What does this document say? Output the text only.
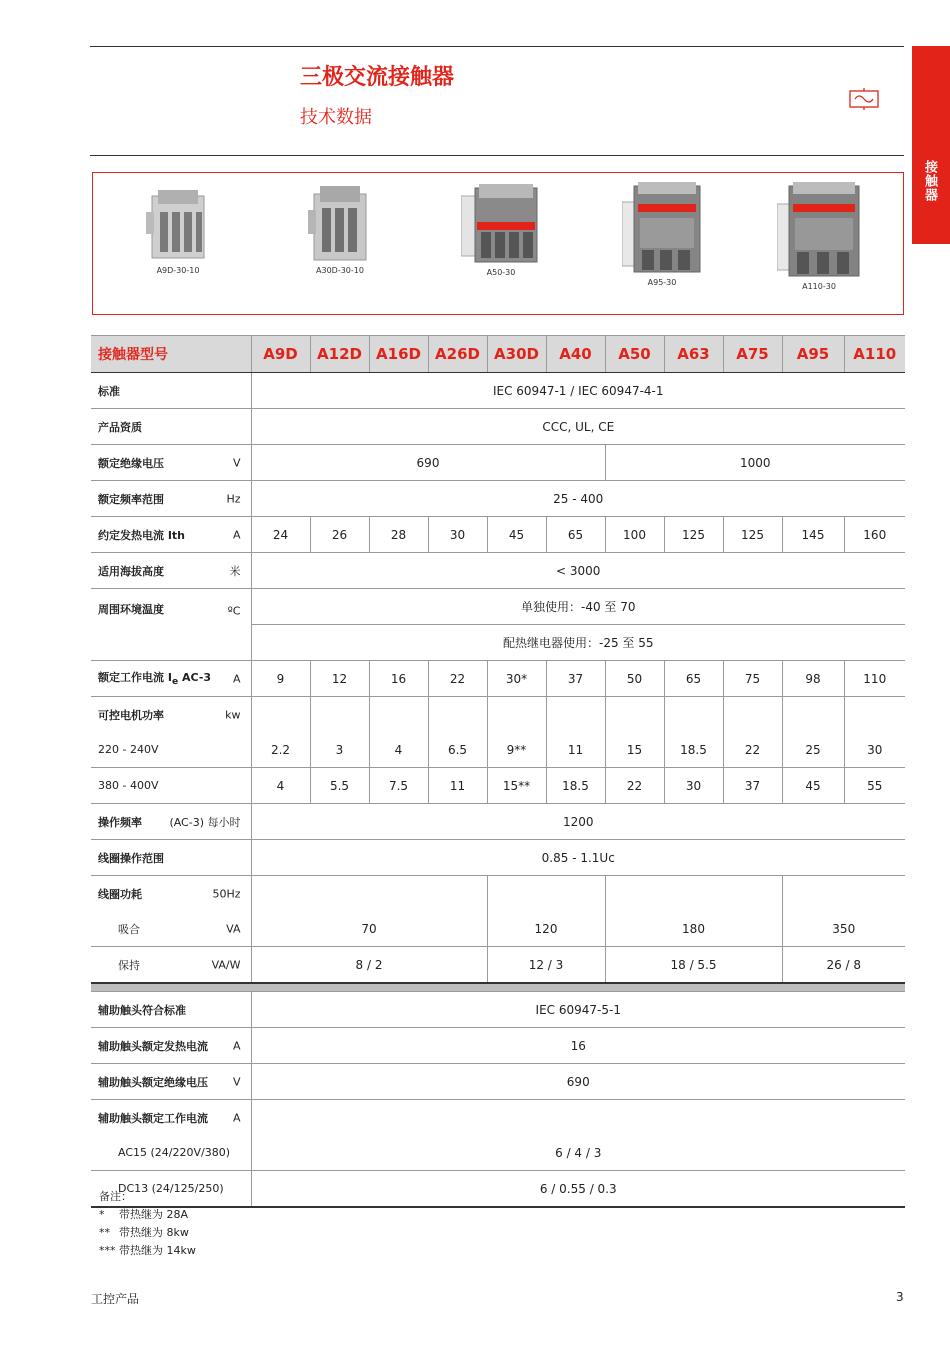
三极交流接触器
技术数据
接触器
A9D-30-10	A30D-30-10	A50-30
A95-30	A110-30
接触器型号	A9D	A12D	A16D	A26D	A30D	A40	A50	A63	A75	A95	A110
标准	IEC 60947-1 / IEC 60947-4-1										
产品资质	CCC, UL, CE										
额定绝缘电压 V	690						1000				
额定频率范围 Hz	25 - 400										
约定发热电流 Ith A	24	26	28	30	45	65	100	125	125	145	160
适用海拔高度 米	< 3000										
周围环境温度 ºC	单独使用：-40 至 70										
	配热继电器使用：-25 至 55										
额定工作电流 $I_e$ AC-3 A	9	12	16	22	30*	37	50	65	75	98	110
可控电机功率 kw											

220 - 240V	2.2	3	4	6.5	9**	11	15	18.5	22	25	30
380 - 400V	4	5.5	7.5	11	15**	18.5	22	30	37	45	55
操作频率 (AC-3) 每小时	1200										
线圈操作范围	0.85 - 1.1Uc										
线圈功耗 50Hz											

吸合 VA	70				120		180			350	
保持 VA/W	8 / 2				12 / 3		18 / 5.5			26 / 8	

辅助触头符合标准	IEC 60947-5-1										
辅助触头额定发热电流 A	16										
辅助触头额定绝缘电压 V	690										
辅助触头额定工作电流 A											

AC15 (24/220V/380)	6 / 4 / 3										
DC13 (24/125/250)	6 / 0.55 / 0.3										
备注：
* 带热继为 28A
** 带热继为 8kw
*** 带热继为 14kw
工控产品	3
